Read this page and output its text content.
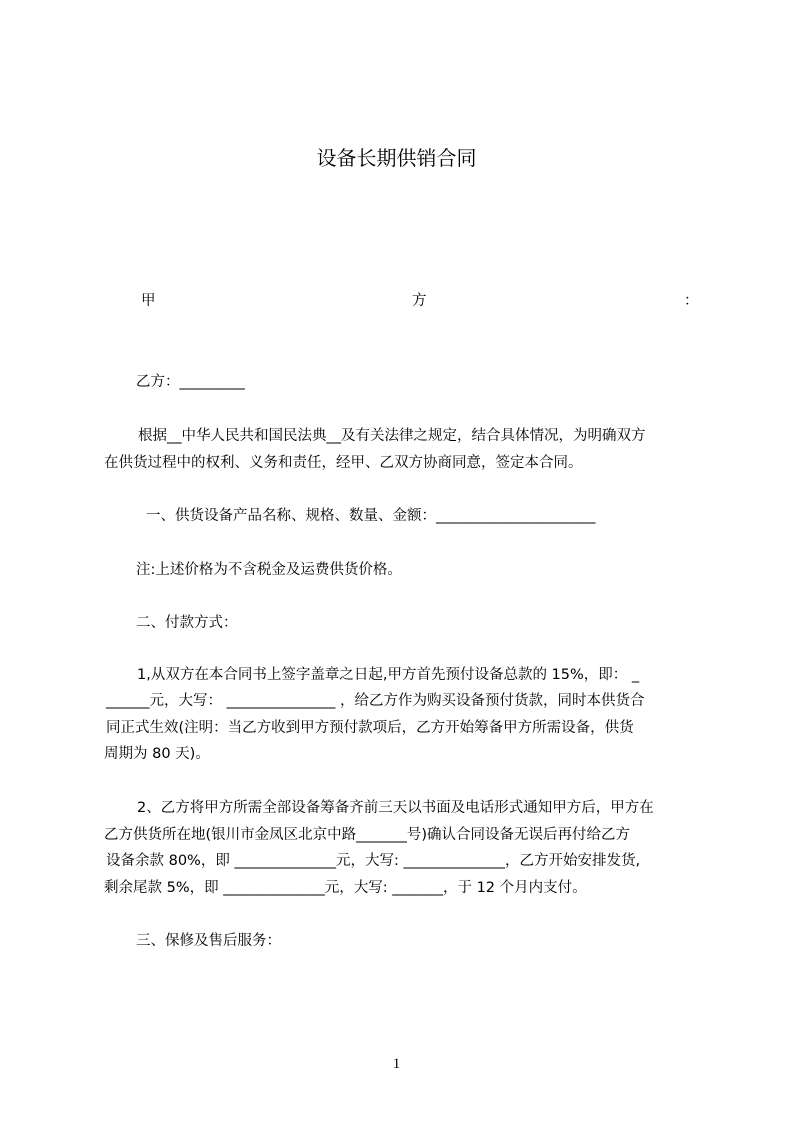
设备长期供销合同
甲	方	：
乙方：_________
根据__中华人民共和国民法典__及有关法律之规定，结合具体情况，为明确双方
在供货过程中的权利、义务和责任，经甲、乙双方协商同意，签定本合同。
一、供货设备产品名称、规格、数量、金额：______________________
注:上述价格为不含税金及运费供货价格。
二、付款方式：
1,从双方在本合同书上签字盖章之日起,甲方首先预付设备总款的 15%，即： _
______元，大写： _______________ ，给乙方作为购买设备预付货款，同时本供货合
同正式生效(注明：当乙方收到甲方预付款项后，乙方开始筹备甲方所需设备，供货
周期为 80 天)。
2、乙方将甲方所需全部设备筹备齐前三天以书面及电话形式通知甲方后，甲方在
乙方供货所在地(银川市金凤区北京中路_______号)确认合同设备无误后再付给乙方
设备余款 80%，即 ______________元，大写: ______________，乙方开始安排发货,
剩余尾款 5%，即 ______________元，大写: _______，于 12 个月内支付。
三、保修及售后服务：
1
